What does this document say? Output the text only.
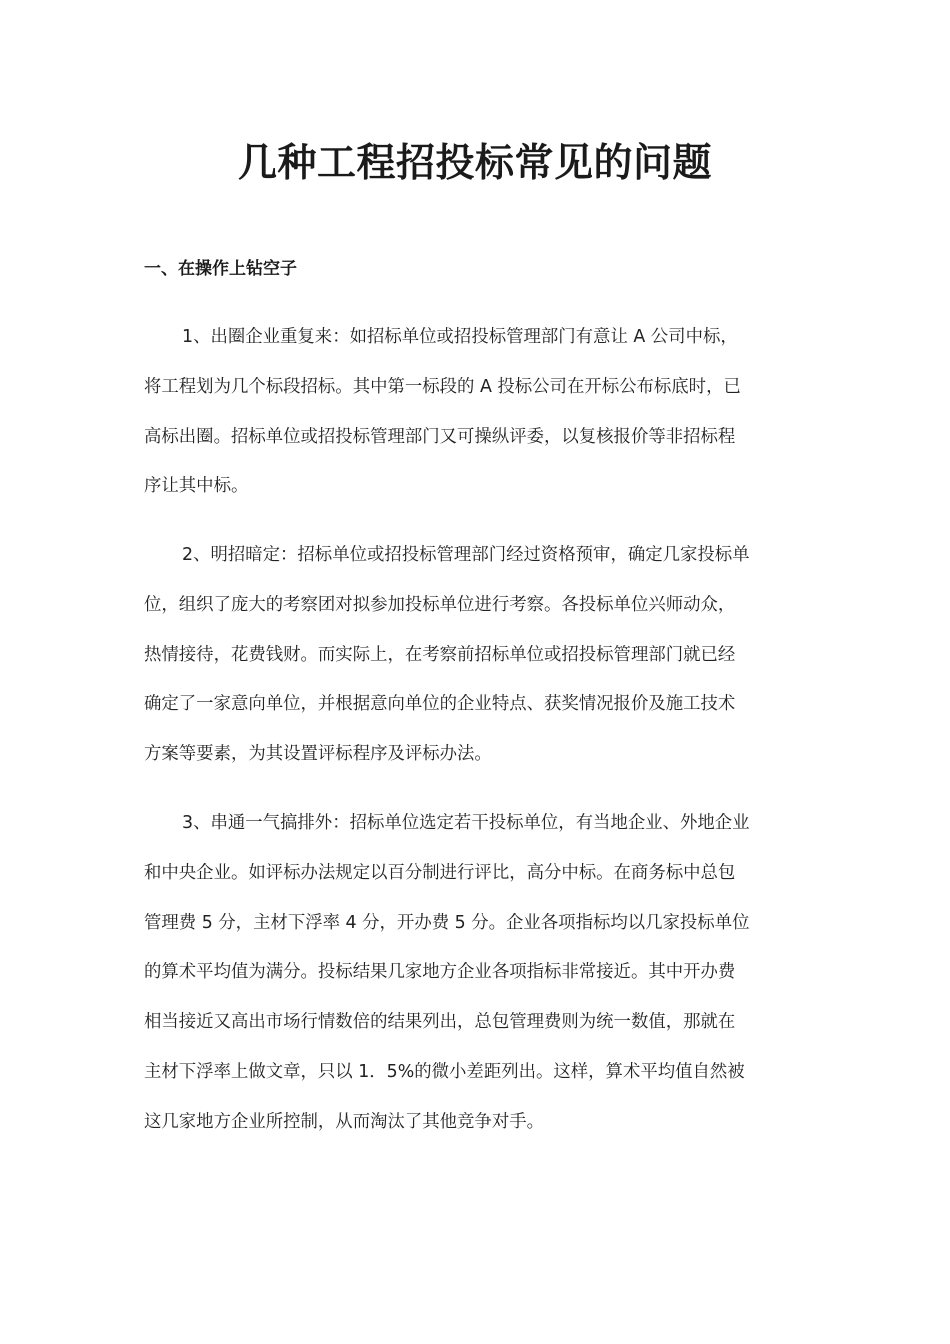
几种工程招投标常见的问题
一、在操作上钻空子

1、出圈企业重复来：如招标单位或招投标管理部门有意让 A 公司中标，
将工程划为几个标段招标。其中第一标段的 A 投标公司在开标公布标底时，已
高标出圈。招标单位或招投标管理部门又可操纵评委，以复核报价等非招标程
序让其中标。

2、明招暗定：招标单位或招投标管理部门经过资格预审，确定几家投标单
位，组织了庞大的考察团对拟参加投标单位进行考察。各投标单位兴师动众，
热情接待，花费钱财。而实际上，在考察前招标单位或招投标管理部门就已经
确定了一家意向单位，并根据意向单位的企业特点、获奖情况报价及施工技术
方案等要素，为其设置评标程序及评标办法。

3、串通一气搞排外：招标单位选定若干投标单位，有当地企业、外地企业
和中央企业。如评标办法规定以百分制进行评比，高分中标。在商务标中总包
管理费 5 分，主材下浮率 4 分，开办费 5 分。企业各项指标均以几家投标单位
的算术平均值为满分。投标结果几家地方企业各项指标非常接近。其中开办费
相当接近又高出市场行情数倍的结果列出，总包管理费则为统一数值，那就在
主材下浮率上做文章，只以 1．5%的微小差距列出。这样，算术平均值自然被
这几家地方企业所控制，从而淘汰了其他竞争对手。
